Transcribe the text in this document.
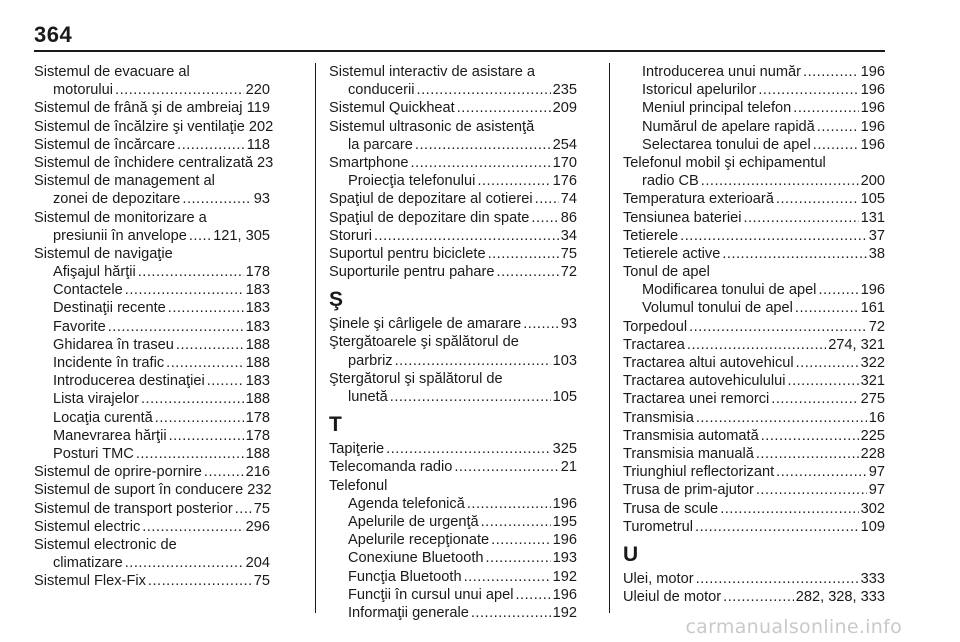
364
Sistemul de evacuare al
motorului .....	220
Sistemul de frână şi de ambreiaj ..... 119
Sistemul de încălzire şi ventilaţie 202
Sistemul de încărcare .....	118
Sistemul de închidere centralizată 23
Sistemul de management al
zonei de depozitare .....	93
Sistemul de monitorizare a
presiunii în anvelope ..... 121, 305
Sistemul de navigaţie
Afişajul hărţii .....	178
Contactele .....	183
Destinaţii recente .....	183
Favorite .....	183
Ghidarea în traseu .....	188
Incidente în trafic .....	188
Introducerea destinaţiei .....	183
Lista virajelor .....	188
Locaţia curentă .....	178
Manevrarea hărţii .....	178
Posturi TMC .....	188
Sistemul de oprire-pornire .....	216
Sistemul de suport în conducere 232
Sistemul de transport posterior ..... 75
Sistemul electric .....	296
Sistemul electronic de
climatizare .....	204
Sistemul Flex-Fix .....	75
Sistemul interactiv de asistare a
conducerii .....	235
Sistemul Quickheat .....	209
Sistemul ultrasonic de asistenţă
la parcare .....	254
Smartphone .....	170
Proiecţia telefonului .....	176
Spaţiul de depozitare al cotierei ..... 74
Spaţiul de depozitare din spate ..... 86
Storuri .....	34
Suportul pentru biciclete .....	75
Suporturile pentru pahare .....	72
Ş
Şinele şi cârligele de amarare .....	93
Ştergătoarele şi spălătorul de
parbriz .....	103
Ştergătorul şi spălătorul de
lunetă .....	105
T
Tapiţerie .....	325
Telecomanda radio .....	21
Telefonul
Agenda telefonică .....	196
Apelurile de urgenţă .....	195
Apelurile recepţionate .....	196
Conexiune Bluetooth .....	193
Funcţia Bluetooth .....	192
Funcţii în cursul unui apel .....	196
Informaţii generale .....	192
Introducerea unui număr .....	196
Istoricul apelurilor .....	196
Meniul principal telefon .....	196
Numărul de apelare rapidă .....	196
Selectarea tonului de apel .....	196
Telefonul mobil şi echipamentul
radio CB .....	200
Temperatura exterioară .....	105
Tensiunea bateriei .....	131
Tetierele .....	37
Tetierele active .....	38
Tonul de apel
Modificarea tonului de apel .....	196
Volumul tonului de apel .....	161
Torpedoul .....	72
Tractarea .....	274, 321
Tractarea altui autovehicul .....	322
Tractarea autovehiculului .....	321
Tractarea unei remorci .....	275
Transmisia .....	16
Transmisia automată .....	225
Transmisia manuală .....	228
Triunghiul reflectorizant .....	97
Trusa de prim-ajutor .....	97
Trusa de scule .....	302
Turometrul .....	109
U
Ulei, motor .....	333
Uleiul de motor .....	282, 328, 333
carmanualsonline.info
